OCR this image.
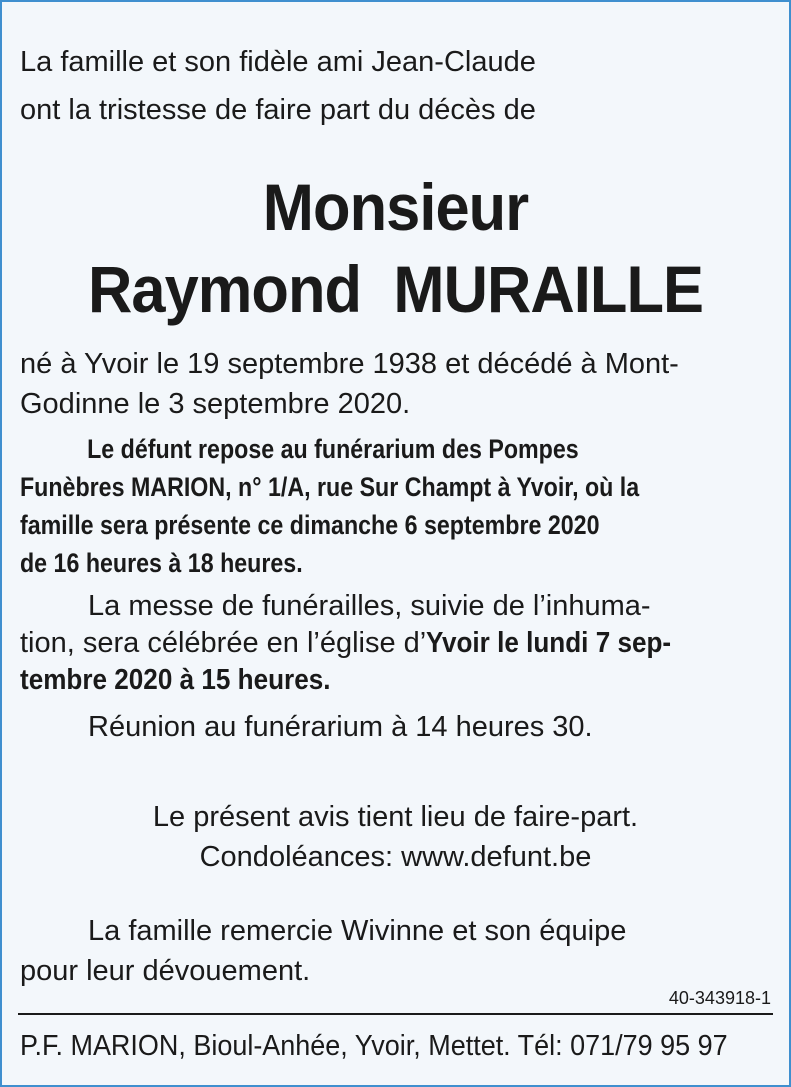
La famille et son fidèle ami Jean-Claude

ont la tristesse de faire part du décès de

Monsieur
Raymond  MURAILLE
né à Yvoir le 19 septembre 1938 et décédé à Mont-
Godinne le 3 septembre 2020.
Le défunt repose au funérarium des Pompes
Funèbres MARION, n° 1/A, rue Sur Champt à Yvoir, où la
famille sera présente ce dimanche 6 septembre 2020
de 16 heures à 18 heures.
La messe de funérailles, suivie de l’inhuma-
tion, sera célébrée en l’église d’Yvoir le lundi 7 sep-
tembre 2020 à 15 heures.
Réunion au funérarium à 14 heures 30.
Le présent avis tient lieu de faire-part.
Condoléances: www.defunt.be
La famille remercie Wivinne et son équipe
pour leur dévouement.
40-343918-1
P.F. MARION, Bioul-Anhée, Yvoir, Mettet. Tél: 071/79 95 97
